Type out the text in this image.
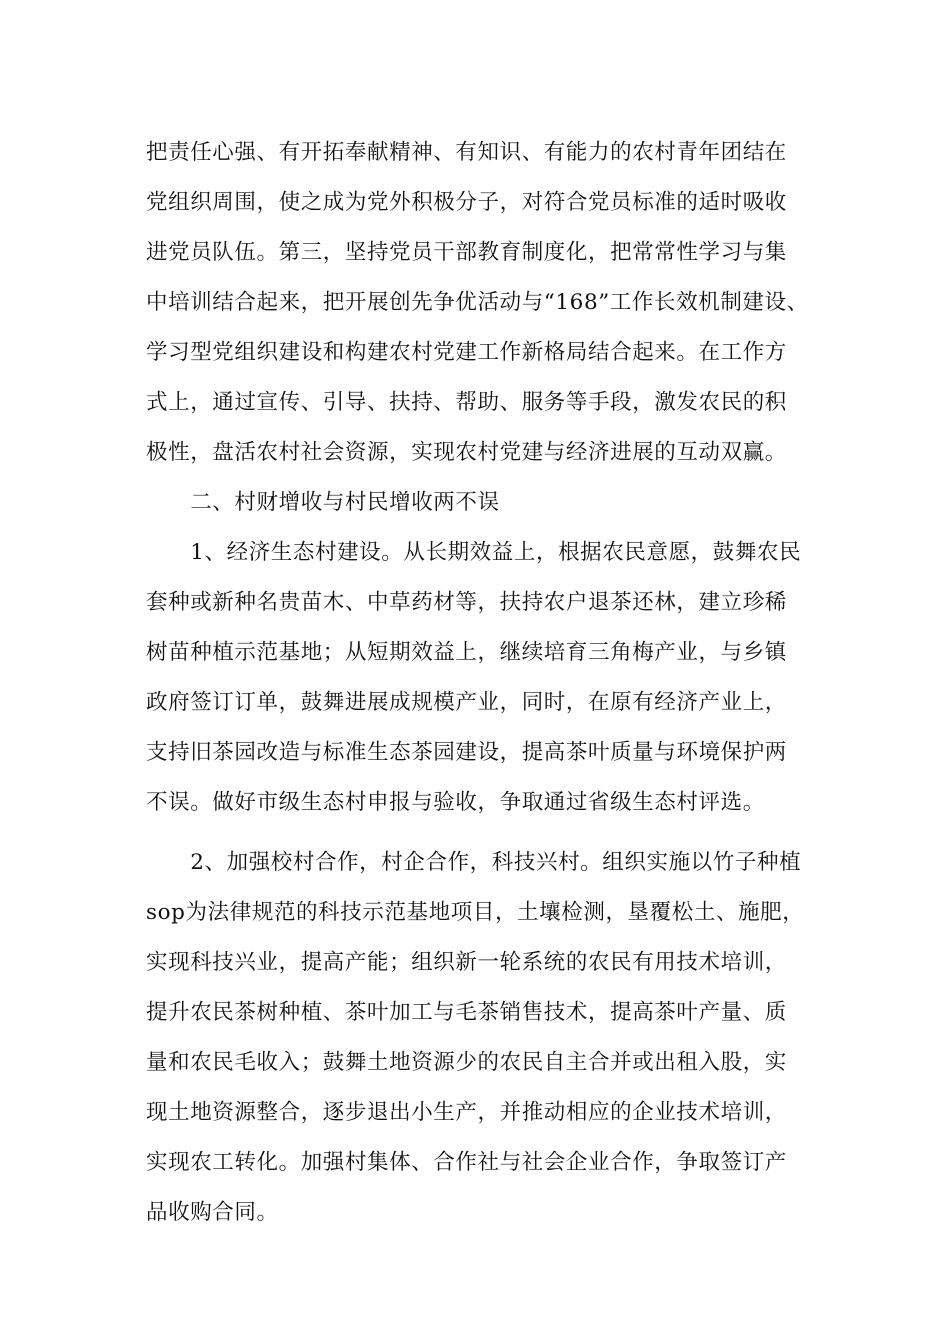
把责任心强、有开拓奉献精神、有知识、有能力的农村青年团结在
党组织周围，使之成为党外积极分子，对符合党员标准的适时吸收
进党员队伍。第三，坚持党员干部教育制度化，把常常性学习与集
中培训结合起来，把开展创先争优活动与“168”工作长效机制建设、
学习型党组织建设和构建农村党建工作新格局结合起来。在工作方
式上，通过宣传、引导、扶持、帮助、服务等手段，激发农民的积
极性，盘活农村社会资源，实现农村党建与经济进展的互动双赢。
　　二、村财增收与村民增收两不误
　　1、经济生态村建设。从长期效益上，根据农民意愿，鼓舞农民
套种或新种名贵苗木、中草药材等，扶持农户退茶还林，建立珍稀
树苗种植示范基地；从短期效益上，继续培育三角梅产业，与乡镇
政府签订订单，鼓舞进展成规模产业，同时，在原有经济产业上，
支持旧茶园改造与标准生态茶园建设，提高茶叶质量与环境保护两
不误。做好市级生态村申报与验收，争取通过省级生态村评选。
　　2、加强校村合作，村企合作，科技兴村。组织实施以竹子种植
sop为法律规范的科技示范基地项目，土壤检测，垦覆松土、施肥，
实现科技兴业，提高产能；组织新一轮系统的农民有用技术培训，
提升农民茶树种植、茶叶加工与毛茶销售技术，提高茶叶产量、质
量和农民毛收入；鼓舞土地资源少的农民自主合并或出租入股，实
现土地资源整合，逐步退出小生产，并推动相应的企业技术培训，
实现农工转化。加强村集体、合作社与社会企业合作，争取签订产
品收购合同。
